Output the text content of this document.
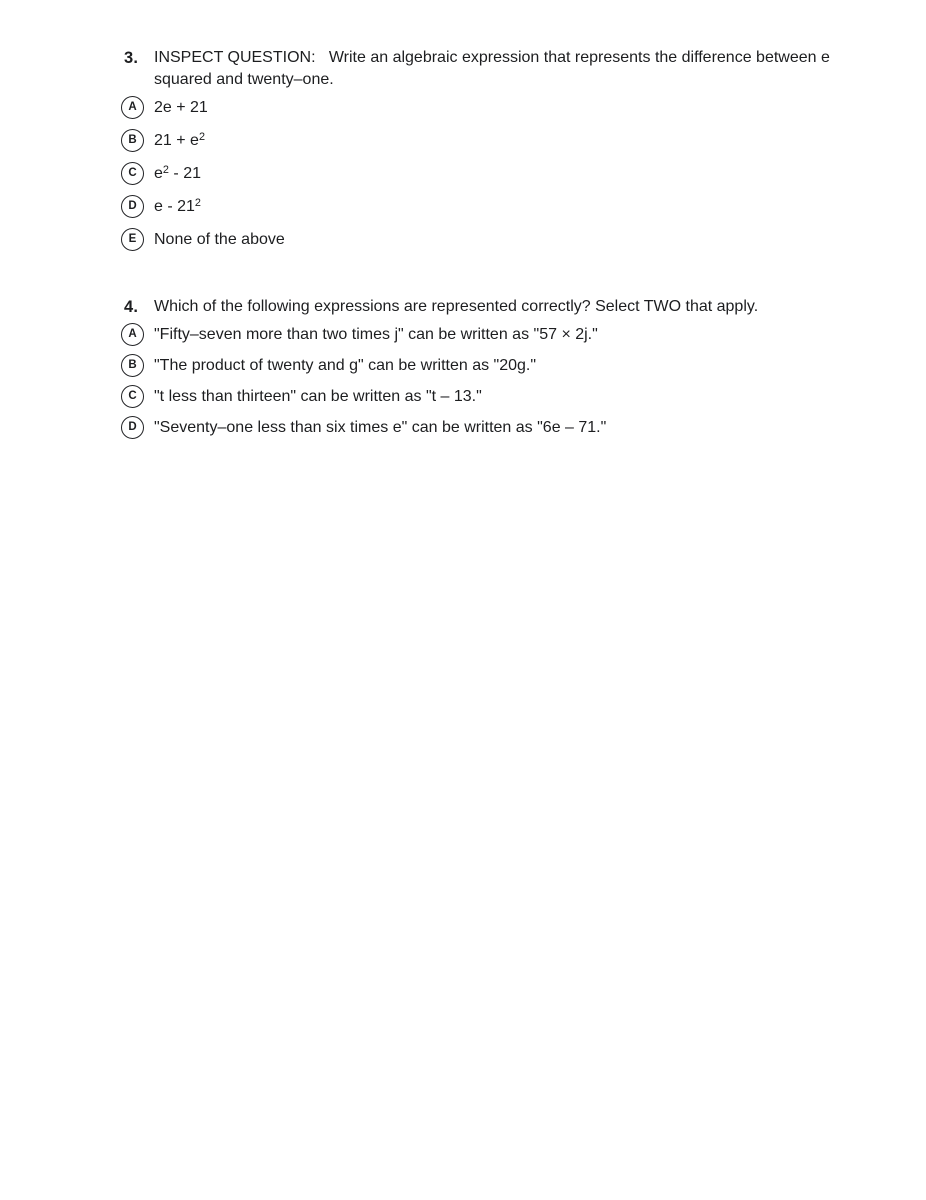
3. INSPECT QUESTION:   Write an algebraic expression that represents the difference between e squared and twenty–one.

A	2e + 21
B	$21 + e^2$
C	$e^2 - 21$
D	e - $21^2$
E	None of the above
4. Which of the following expressions are represented correctly? Select TWO that apply.

A	"Fifty–seven more than two times j" can be written as "57 × 2j."
B	"The product of twenty and g" can be written as "20g."
C	"t less than thirteen" can be written as "t – 13."
D	"Seventy–one less than six times e" can be written as "6e – 71."
